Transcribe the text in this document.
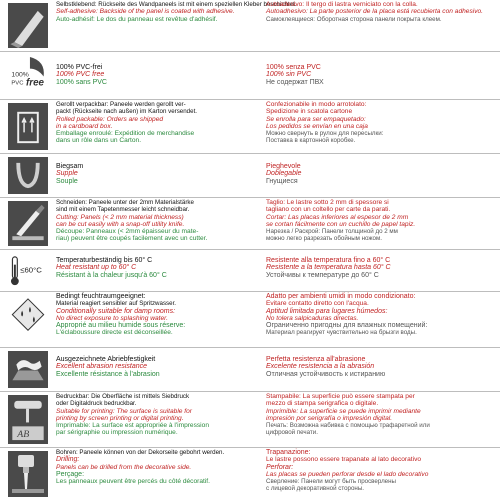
Selbstklebend: Rückseite des Wandpaneels ist mit einem speziellen Kleber beschichtet.
Self-adhesive: Backside of the panel is coated with adhesive.
Auto-adhésif: Le dos du panneau est revêtue d'adhésif.
Autoadesivo: Il tergo di lastra verniciato con la colla.
Autoadhesivo: La parte posterior de la placa está recubierta con adhesivo.
Самоклеящиеся: Оборотная сторона панели покрыта клеем.
100%
PVC free
100% PVC-frei
100% PVC free
100% sans PVC
100% senza PVC
100% sin PVC
Не содержат ПВХ
Gerollt verpackbar: Paneele werden gerollt ver-
packt (Rückseite nach außen) im Karton versendet.
Rolled packable: Orders are shipped
in a cardboard box.
Emballage enroulé: Expédition de merchandise
dans un rôle dans un Carton.
Confezionabile in modo arrotolato:
Spedizione in scatola cartone
Se enrolla para ser empaquetado:
Los pedidos se envían en una caja
Можно свернуть в рулон для пересылки:
Поставка в картонной коробке.
Biegsam
Supple
Souple
Pieghevole
Doblegable
Гнущиеся
Schneiden: Paneele unter der 2mm Materialstärke
sind mit einem Tapetenmesser leicht schneidbar.
Cutting: Panels (< 2 mm material thickness)
can be cut easily with a snap-off utility knife.
Découpe: Panneaux (< 2mm épaisseur du mate-
riau) peuvent être coupés facilement avec un cutter.
Taglio: Le lastre sotto 2 mm di spessore si
tagliano con un coltello per carte da parati.
Cortar: Las placas inferiores al espesor de 2 mm
se cortan fácilmente con un cuchillo de papel tapiz.
Нарезка / Раскрой: Панели толщиной до 2 мм
можно легко разрезать обойным ножом.
≤60°C
Temperaturbeständig bis 60° C
Heat resistant up to 60° C
Résistant à la chaleur jusqu'à 60° C
Resistente alla temperatura fino a 60° C
Resistente a la temperatura hasta 60° C
Устойчивы к температуре до 60° С
Bedingt feuchtraumgeeignet:
Material reagiert sensibler auf Spritzwasser.
Conditionally suitable for damp rooms:
No direct exposure to splashing water.
Approprié au milieu humide sous réserve:
L'éclaboussure directe est déconseillée.
Adatto per ambienti umidi in modo condizionato:
Evitare contatto diretto con l'acqua.
Aptitud limitada para lugares húmedos:
No tolera salpicaduras directas.
Ограниченно пригодны для влажных помещений:
Материал реагирует чувствительно на брызги воды.
Ausgezeichnete Abriebfestigkeit
Excellent abrasion resistance
Excellente résistance à l'abrasion
Perfetta resistenza all'abrasione
Excelente resistencia a la abrasión
Отличная устойчивость к истиранию
AB
Bedruckbar: Die Oberfläche ist mittels Siebdruck
oder Digitaldruck bedruckbar.
Suitable for printing: The surface is suitable for
printing by screen printing or digital printing.
Imprimable: La surface est appropriée à l'impression
par sérigraphie ou impression numérique.
Stampabile: La superficie può essere stampata per
mezzo di stampa serigrafica o digitale.
Imprimible: La superficie se puede imprimir mediante
impresión por serigrafía o impresión digital.
Печать: Возможна набивка с помощью трафаретной или
цифровой печати.
Bohren: Paneele können von der Dekorseite gebohrt werden.
Drilling:
Panels can be drilled from the decorative side.
Perçage:
Les panneaux peuvent être percés du côté décoratif.
Trapanazione:
Le lastre possono essere trapanate al lato decorativo
Perforar:
Las placas se pueden perforar desde el lado decorativo
Сверление: Панели могут быть просверлены
с лицевой декоративной стороны.
